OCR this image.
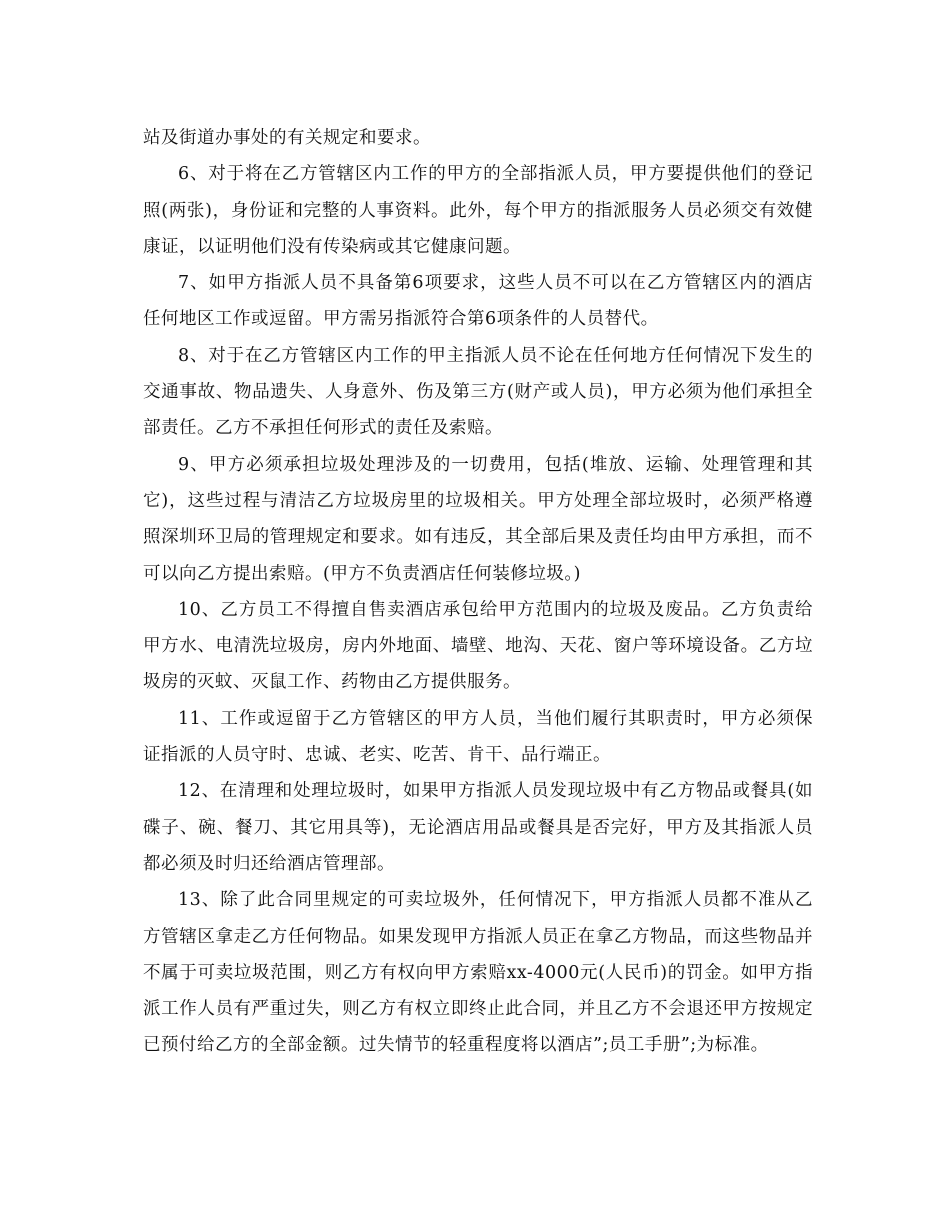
站及街道办事处的有关规定和要求。

6、对于将在乙方管辖区内工作的甲方的全部指派人员，甲方要提供他们的登记照(两张)，身份证和完整的人事资料。此外，每个甲方的指派服务人员必须交有效健康证，以证明他们没有传染病或其它健康问题。

7、如甲方指派人员不具备第6项要求，这些人员不可以在乙方管辖区内的酒店任何地区工作或逗留。甲方需另指派符合第6项条件的人员替代。

8、对于在乙方管辖区内工作的甲主指派人员不论在任何地方任何情况下发生的交通事故、物品遗失、人身意外、伤及第三方(财产或人员)，甲方必须为他们承担全部责任。乙方不承担任何形式的责任及索赔。

9、甲方必须承担垃圾处理涉及的一切费用，包括(堆放、运输、处理管理和其它)，这些过程与清洁乙方垃圾房里的垃圾相关。甲方处理全部垃圾时，必须严格遵照深圳环卫局的管理规定和要求。如有违反，其全部后果及责任均由甲方承担，而不可以向乙方提出索赔。(甲方不负责酒店任何装修垃圾。)

10、乙方员工不得擅自售卖酒店承包给甲方范围内的垃圾及废品。乙方负责给甲方水、电清洗垃圾房，房内外地面、墙壁、地沟、天花、窗户等环境设备。乙方垃圾房的灭蚊、灭鼠工作、药物由乙方提供服务。

11、工作或逗留于乙方管辖区的甲方人员，当他们履行其职责时，甲方必须保证指派的人员守时、忠诚、老实、吃苦、肯干、品行端正。

12、在清理和处理垃圾时，如果甲方指派人员发现垃圾中有乙方物品或餐具(如碟子、碗、餐刀、其它用具等)，无论酒店用品或餐具是否完好，甲方及其指派人员都必须及时归还给酒店管理部。

13、除了此合同里规定的可卖垃圾外，任何情况下，甲方指派人员都不准从乙方管辖区拿走乙方任何物品。如果发现甲方指派人员正在拿乙方物品，而这些物品并不属于可卖垃圾范围，则乙方有权向甲方索赔xx-4000元(人民币)的罚金。如甲方指派工作人员有严重过失，则乙方有权立即终止此合同，并且乙方不会退还甲方按规定已预付给乙方的全部金额。过失情节的轻重程度将以酒店”;员工手册”;为标准。
